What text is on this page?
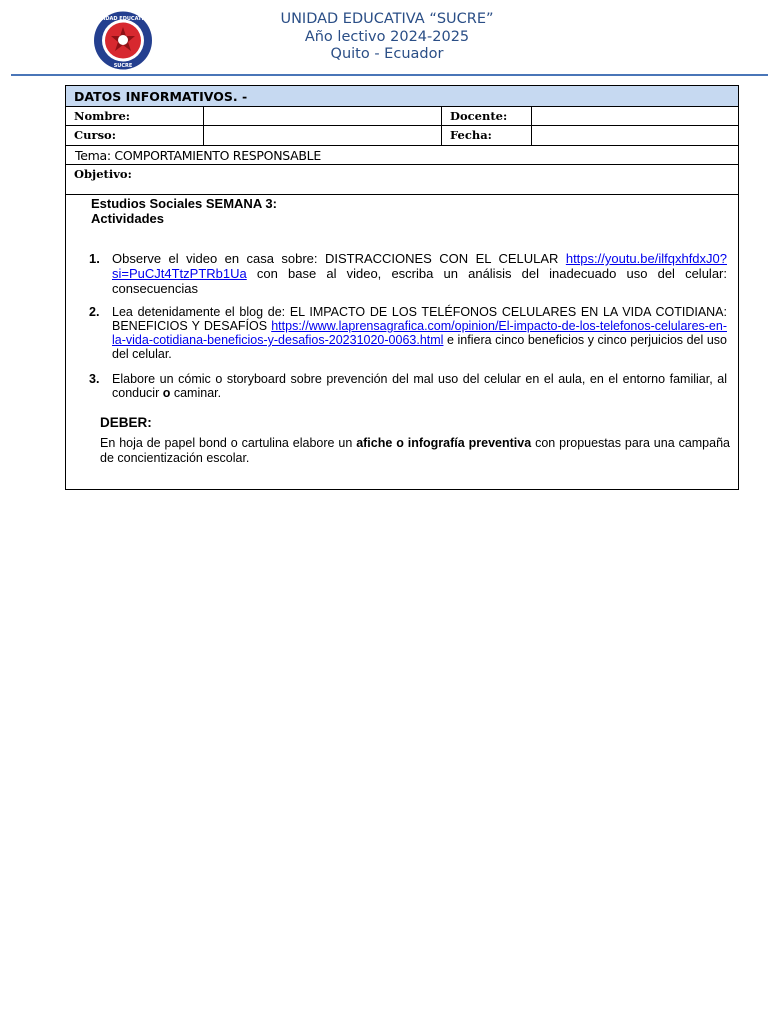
UNIDAD EDUCATIVA
SUCRE
UNIDAD EDUCATIVA “SUCRE”
Año lectivo 2024-2025
Quito - Ecuador
DATOS INFORMATIVOS. -
Nombre:	Docente:
Curso:	Fecha:
Tema: COMPORTAMIENTO RESPONSABLE
Objetivo:
Estudios Sociales SEMANA 3:
Actividades
1. Observe el video en casa sobre: DISTRACCIONES CON EL CELULAR https://youtu.be/ilfqxhfdxJ0?si=PuCJt4TtzPTRb1Ua con base al video, escriba un análisis del inadecuado uso del celular: consecuencias
2. Lea detenidamente el blog de: EL IMPACTO DE LOS TELÉFONOS CELULARES EN LA VIDA COTIDIANA: BENEFICIOS Y DESAFÍOS https://www.laprensagrafica.com/opinion/El-impacto-de-los-telefonos-celulares-en-la-vida-cotidiana-beneficios-y-desafios-20231020-0063.html e infiera cinco beneficios y cinco perjuicios del uso del celular.
3. Elabore un cómic o storyboard sobre prevención del mal uso del celular en el aula, en el entorno familiar, al conducir o caminar.
DEBER:
En hoja de papel bond o cartulina elabore un afiche o infografía preventiva con propuestas para una campaña de concientización escolar.
